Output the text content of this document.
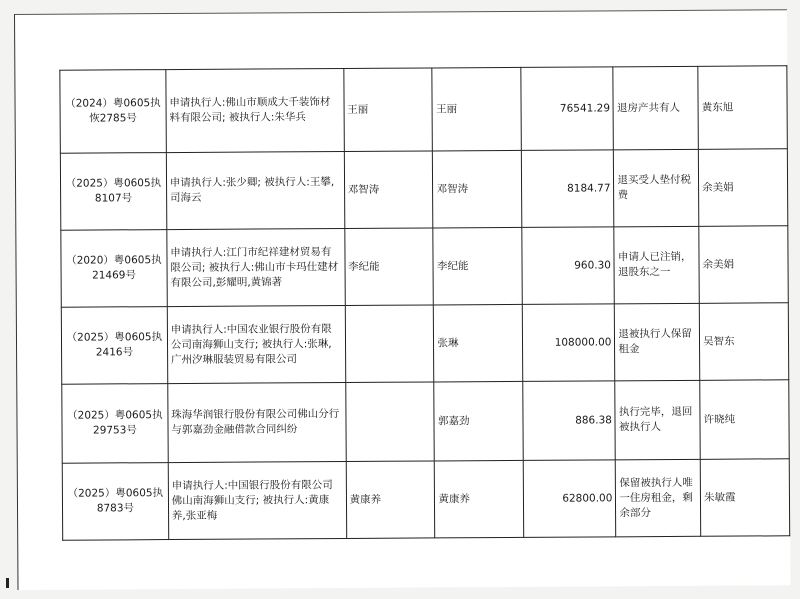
（2024）粤0605执恢2785号	申请执行人:佛山市顺成大千装饰材料有限公司; 被执行人:朱华兵	王丽	王丽	76541.29	退房产共有人	黄东旭
（2025）粤0605执8107号	申请执行人:张少卿; 被执行人:王攀,司海云	邓智涛	邓智涛	8184.77	退买受人垫付税费	余美娟
（2020）粤0605执21469号	申请执行人:江门市纪祥建材贸易有限公司; 被执行人:佛山市卡玛仕建材有限公司,彭耀明,黄锦著	李纪能	李纪能	960.30	申请人已注销，退股东之一	余美娟
（2025）粤0605执2416号	申请执行人:中国农业银行股份有限公司南海狮山支行; 被执行人:张琳,广州汐琳服装贸易有限公司		张琳	108000.00	退被执行人保留租金	吴智东
（2025）粤0605执29753号	珠海华润银行股份有限公司佛山分行与郭嘉劲金融借款合同纠纷		郭嘉劲	886.38	执行完毕，退回被执行人	许晓纯
（2025）粤0605执8783号	申请执行人:中国银行股份有限公司佛山南海狮山支行; 被执行人:黄康养,张亚梅	黄康养	黄康养	62800.00	保留被执行人唯一住房租金，剩余部分	朱敏霞
